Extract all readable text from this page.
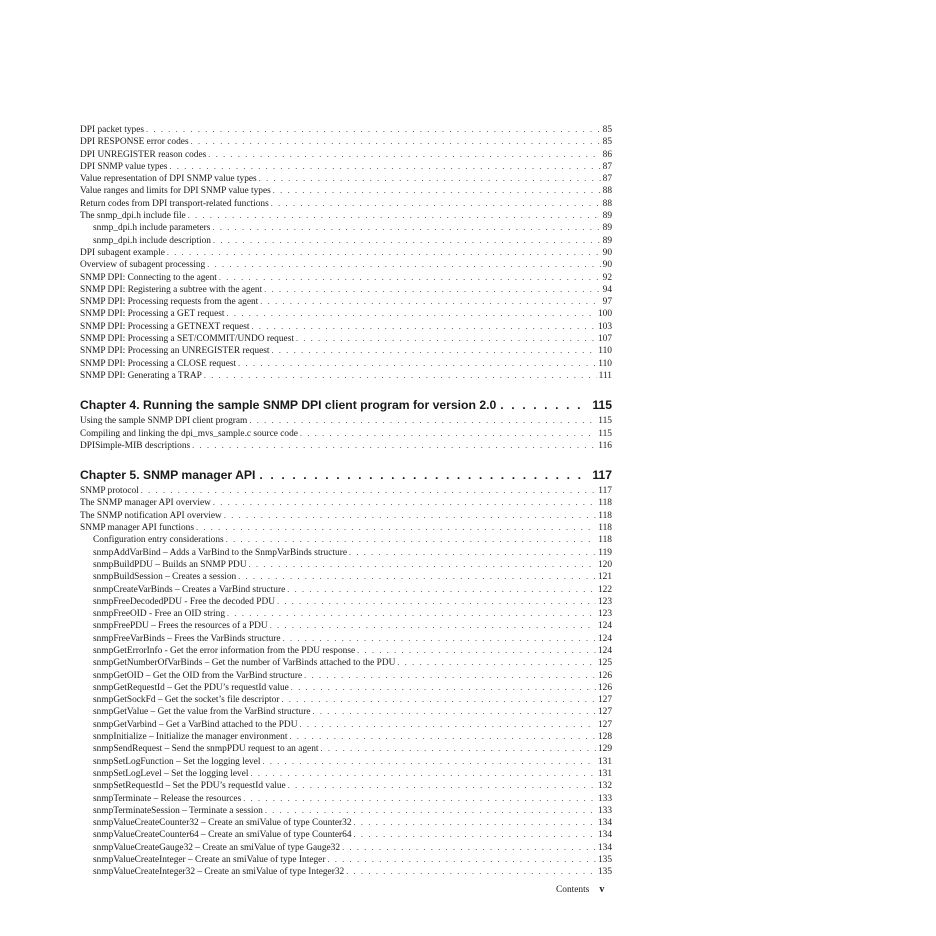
DPI packet types . . .	85
DPI RESPONSE error codes . . .	85
DPI UNREGISTER reason codes . . .	86
DPI SNMP value types . . .	87
Value representation of DPI SNMP value types . . .	87
Value ranges and limits for DPI SNMP value types . . .	88
Return codes from DPI transport-related functions . . .	88
The snmp_dpi.h include file . . .	89
snmp_dpi.h include parameters . . .	89
snmp_dpi.h include description . . .	89
DPI subagent example . . .	90
Overview of subagent processing . . .	90
SNMP DPI: Connecting to the agent . . .	92
SNMP DPI: Registering a subtree with the agent . . .	94
SNMP DPI: Processing requests from the agent . . .	97
SNMP DPI: Processing a GET request . . .	100
SNMP DPI: Processing a GETNEXT request . . .	103
SNMP DPI: Processing a SET/COMMIT/UNDO request . . .	107
SNMP DPI: Processing an UNREGISTER request . . .	110
SNMP DPI: Processing a CLOSE request . . .	110
SNMP DPI: Generating a TRAP . . .	111
Chapter 4. Running the sample SNMP DPI client program for version 2.0 . . .	115
Using the sample SNMP DPI client program . . .	115
Compiling and linking the dpi_mvs_sample.c source code . . .	115
DPISimple-MIB descriptions . . .	116
Chapter 5. SNMP manager API . . .	117
SNMP protocol . . .	117
The SNMP manager API overview . . .	118
The SNMP notification API overview . . .	118
SNMP manager API functions . . .	118
Configuration entry considerations . . .	118
snmpAddVarBind – Adds a VarBind to the SnmpVarBinds structure . . .	119
snmpBuildPDU – Builds an SNMP PDU . . .	120
snmpBuildSession – Creates a session . . .	121
snmpCreateVarBinds – Creates a VarBind structure . . .	122
snmpFreeDecodedPDU - Free the decoded PDU . . .	123
snmpFreeOID - Free an OID string . . .	123
snmpFreePDU – Frees the resources of a PDU . . .	124
snmpFreeVarBinds – Frees the VarBinds structure . . .	124
snmpGetErrorInfo - Get the error information from the PDU response . . .	124
snmpGetNumberOfVarBinds – Get the number of VarBinds attached to the PDU . . .	125
snmpGetOID – Get the OID from the VarBind structure . . .	126
snmpGetRequestId – Get the PDU’s requestId value . . .	126
snmpGetSockFd – Get the socket’s file descriptor . . .	127
snmpGetValue – Get the value from the VarBind structure . . .	127
snmpGetVarbind – Get a VarBind attached to the PDU . . .	127
snmpInitialize – Initialize the manager environment . . .	128
snmpSendRequest – Send the snmpPDU request to an agent . . .	129
snmpSetLogFunction – Set the logging level . . .	131
snmpSetLogLevel – Set the logging level . . .	131
snmpSetRequestId – Set the PDU’s requestId value . . .	132
snmpTerminate – Release the resources . . .	133
snmpTerminateSession – Terminate a session . . .	133
snmpValueCreateCounter32 – Create an smiValue of type Counter32 . . .	134
snmpValueCreateCounter64 – Create an smiValue of type Counter64 . . .	134
snmpValueCreateGauge32 – Create an smiValue of type Gauge32 . . .	134
snmpValueCreateInteger – Create an smiValue of type Integer . . .	135
snmpValueCreateInteger32 – Create an smiValue of type Integer32 . . .	135
Contents v
